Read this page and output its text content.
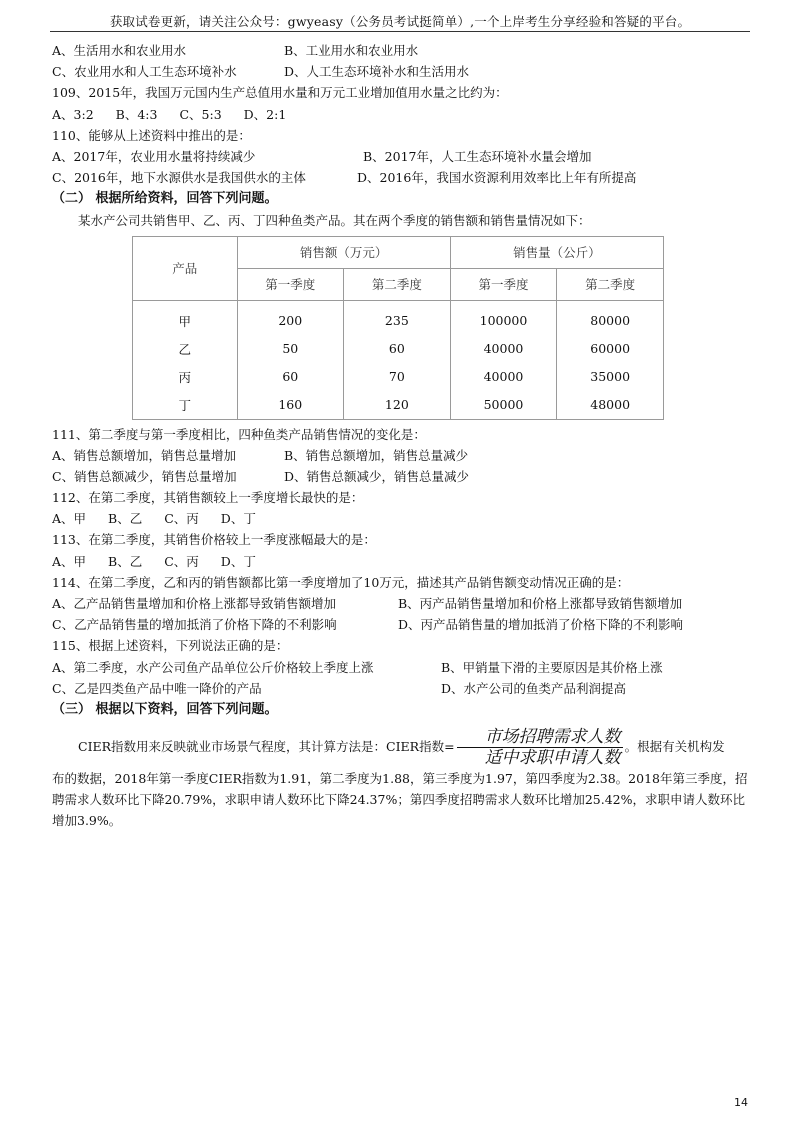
获取试卷更新，请关注公众号：gwyeasy（公务员考试挺简单）,一个上岸考生分享经验和答疑的平台。
A、生活用水和农业用水	B、工业用水和农业用水
C、农业用水和人工生态环境补水	D、人工生态环境补水和生活用水
109、2015年，我国万元国内生产总值用水量和万元工业增加值用水量之比约为：
A、3:2 B、4:3 C、5:3 D、2:1
110、能够从上述资料中推出的是：
A、2017年，农业用水量将持续减少	B、2017年，人工生态环境补水量会增加
C、2016年，地下水源供水是我国供水的主体	D、2016年，我国水资源利用效率比上年有所提高
（二） 根据所给资料，回答下列问题。
某水产公司共销售甲、乙、丙、丁四种鱼类产品。其在两个季度的销售额和销售量情况如下：
产品	销售额（万元）		销售量（公斤）	
	第一季度	第二季度	第一季度	第二季度
甲	200	235	100000	80000
乙	50	60	40000	60000
丙	60	70	40000	35000
丁	160	120	50000	48000
111、第二季度与第一季度相比，四种鱼类产品销售情况的变化是：
A、销售总额增加，销售总量增加	B、销售总额增加，销售总量减少
C、销售总额减少，销售总量增加	D、销售总额减少，销售总量减少
112、在第二季度，其销售额较上一季度增长最快的是：
A、甲 B、乙 C、丙 D、丁
113、在第二季度，其销售价格较上一季度涨幅最大的是：
A、甲 B、乙 C、丙 D、丁
114、在第二季度，乙和丙的销售额都比第一季度增加了10万元，描述其产品销售额变动情况正确的是：
A、乙产品销售量增加和价格上涨都导致销售额增加	B、丙产品销售量增加和价格上涨都导致销售额增加
C、乙产品销售量的增加抵消了价格下降的不利影响	D、丙产品销售量的增加抵消了价格下降的不利影响
115、根据上述资料，下列说法正确的是：
A、第二季度，水产公司鱼产品单位公斤价格较上季度上涨	B、甲销量下滑的主要原因是其价格上涨
C、乙是四类鱼产品中唯一降价的产品	D、水产公司的鱼类产品利润提高
（三） 根据以下资料，回答下列问题。
CIER指数用来反映就业市场景气程度，其计算方法是：CIER指数= $\frac{\text{市场招聘需求人数}}{\text{适中求职申请人数}}$ 。根据有关机构发
布的数据，2018年第一季度CIER指数为1.91，第二季度为1.88，第三季度为1.97，第四季度为2.38。2018年第三季度，招聘需求人数环比下降20.79%，求职申请人数环比下降24.37%；第四季度招聘需求人数环比增加25.42%，求职申请人数环比增加3.9%。
14
